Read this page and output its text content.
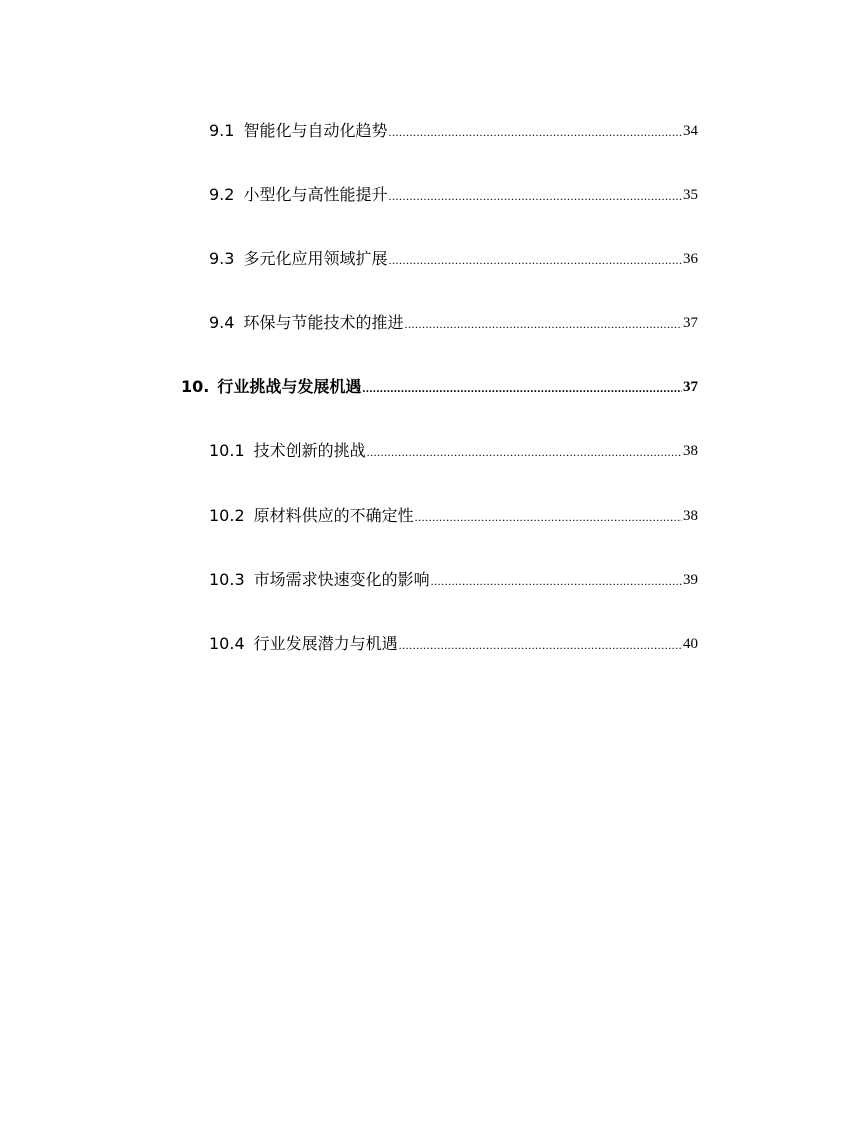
9.1 智能化与自动化趋势 .....	34
9.2 小型化与高性能提升 .....	35
9.3 多元化应用领域扩展 .....	36
9.4 环保与节能技术的推进 .....	37
10. 行业挑战与发展机遇 .....	37
10.1 技术创新的挑战 .....	38
10.2 原材料供应的不确定性 .....	38
10.3 市场需求快速变化的影响 .....	39
10.4 行业发展潜力与机遇 .....	40
